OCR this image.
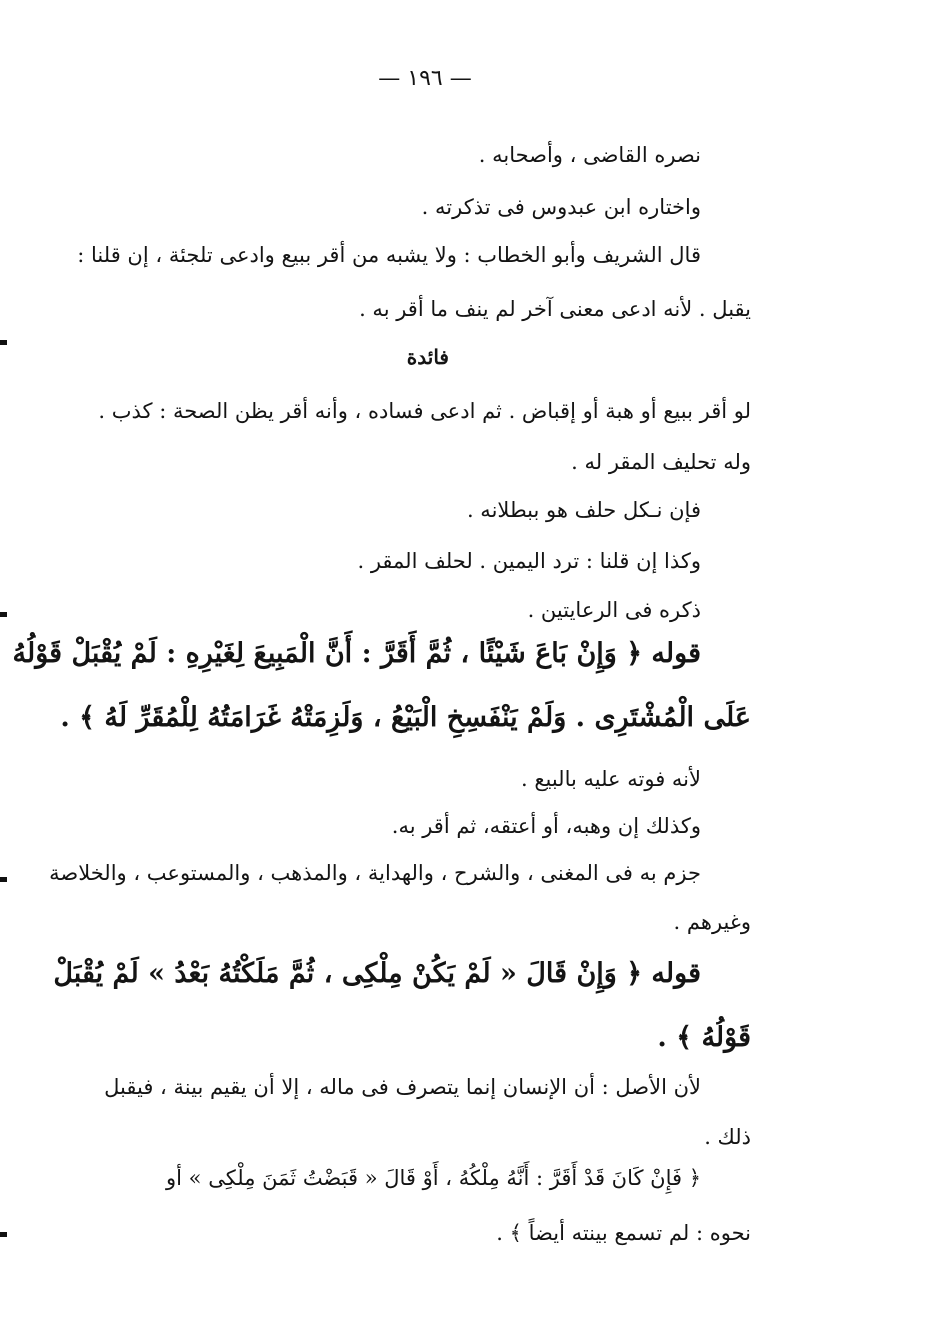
— ١٩٦ —
نصره القاضى ، وأصحابه .
واختاره ابن عبدوس فى تذكرته .
قال الشريف وأبو الخطاب : ولا يشبه من أقر ببيع وادعى تلجئة ، إن قلنا :
يقبل . لأنه ادعى معنى آخر لم ينف ما أقر به .
فائدة
لو أقر ببيع أو هبة أو إقباض . ثم ادعى فساده ، وأنه أقر يظن الصحة : كذب .
وله تحليف المقر له .
فإن نـكل حلف هو ببطلانه .
وكذا إن قلنا : ترد اليمين . لحلف المقر .
ذكره فى الرعايتين .
قوله ﴿ وَإِنْ بَاعَ شَيْئًا ، ثُمَّ أَقَرَّ : أَنَّ الْمَبِيعَ لِغَيْرِهِ : لَمْ يُقْبَلْ قَوْلُهُ
عَلَى الْمُشْتَرِى . وَلَمْ يَنْفَسِخِ الْبَيْعُ ، وَلَزِمَتْهُ غَرَامَتُهُ لِلْمُقَرِّ لَهُ ﴾ .
لأنه فوته عليه بالبيع .
وكذلك إن وهبه، أو أعتقه، ثم أقر به.
جزم به فى المغنى ، والشرح ، والهداية ، والمذهب ، والمستوعب ، والخلاصة
وغيرهم .
قوله ﴿ وَإِنْ قَالَ « لَمْ يَكُنْ مِلْكِى ، ثُمَّ مَلَكْتُهُ بَعْدُ » لَمْ يُقْبَلْ
قَوْلُهُ ﴾ .
لأن الأصل : أن الإنسان إنما يتصرف فى ماله ، إلا أن يقيم بينة ، فيقبل
ذلك .
﴿ فَإِنْ كَانَ قَدْ أَقَرَّ : أَنَّهُ مِلْكُهُ ، أَوْ قَالَ « قَبَضْتُ ثَمَنَ مِلْكِى » أو
نحوه : لم تسمع بينته أيضاً ﴾ .
